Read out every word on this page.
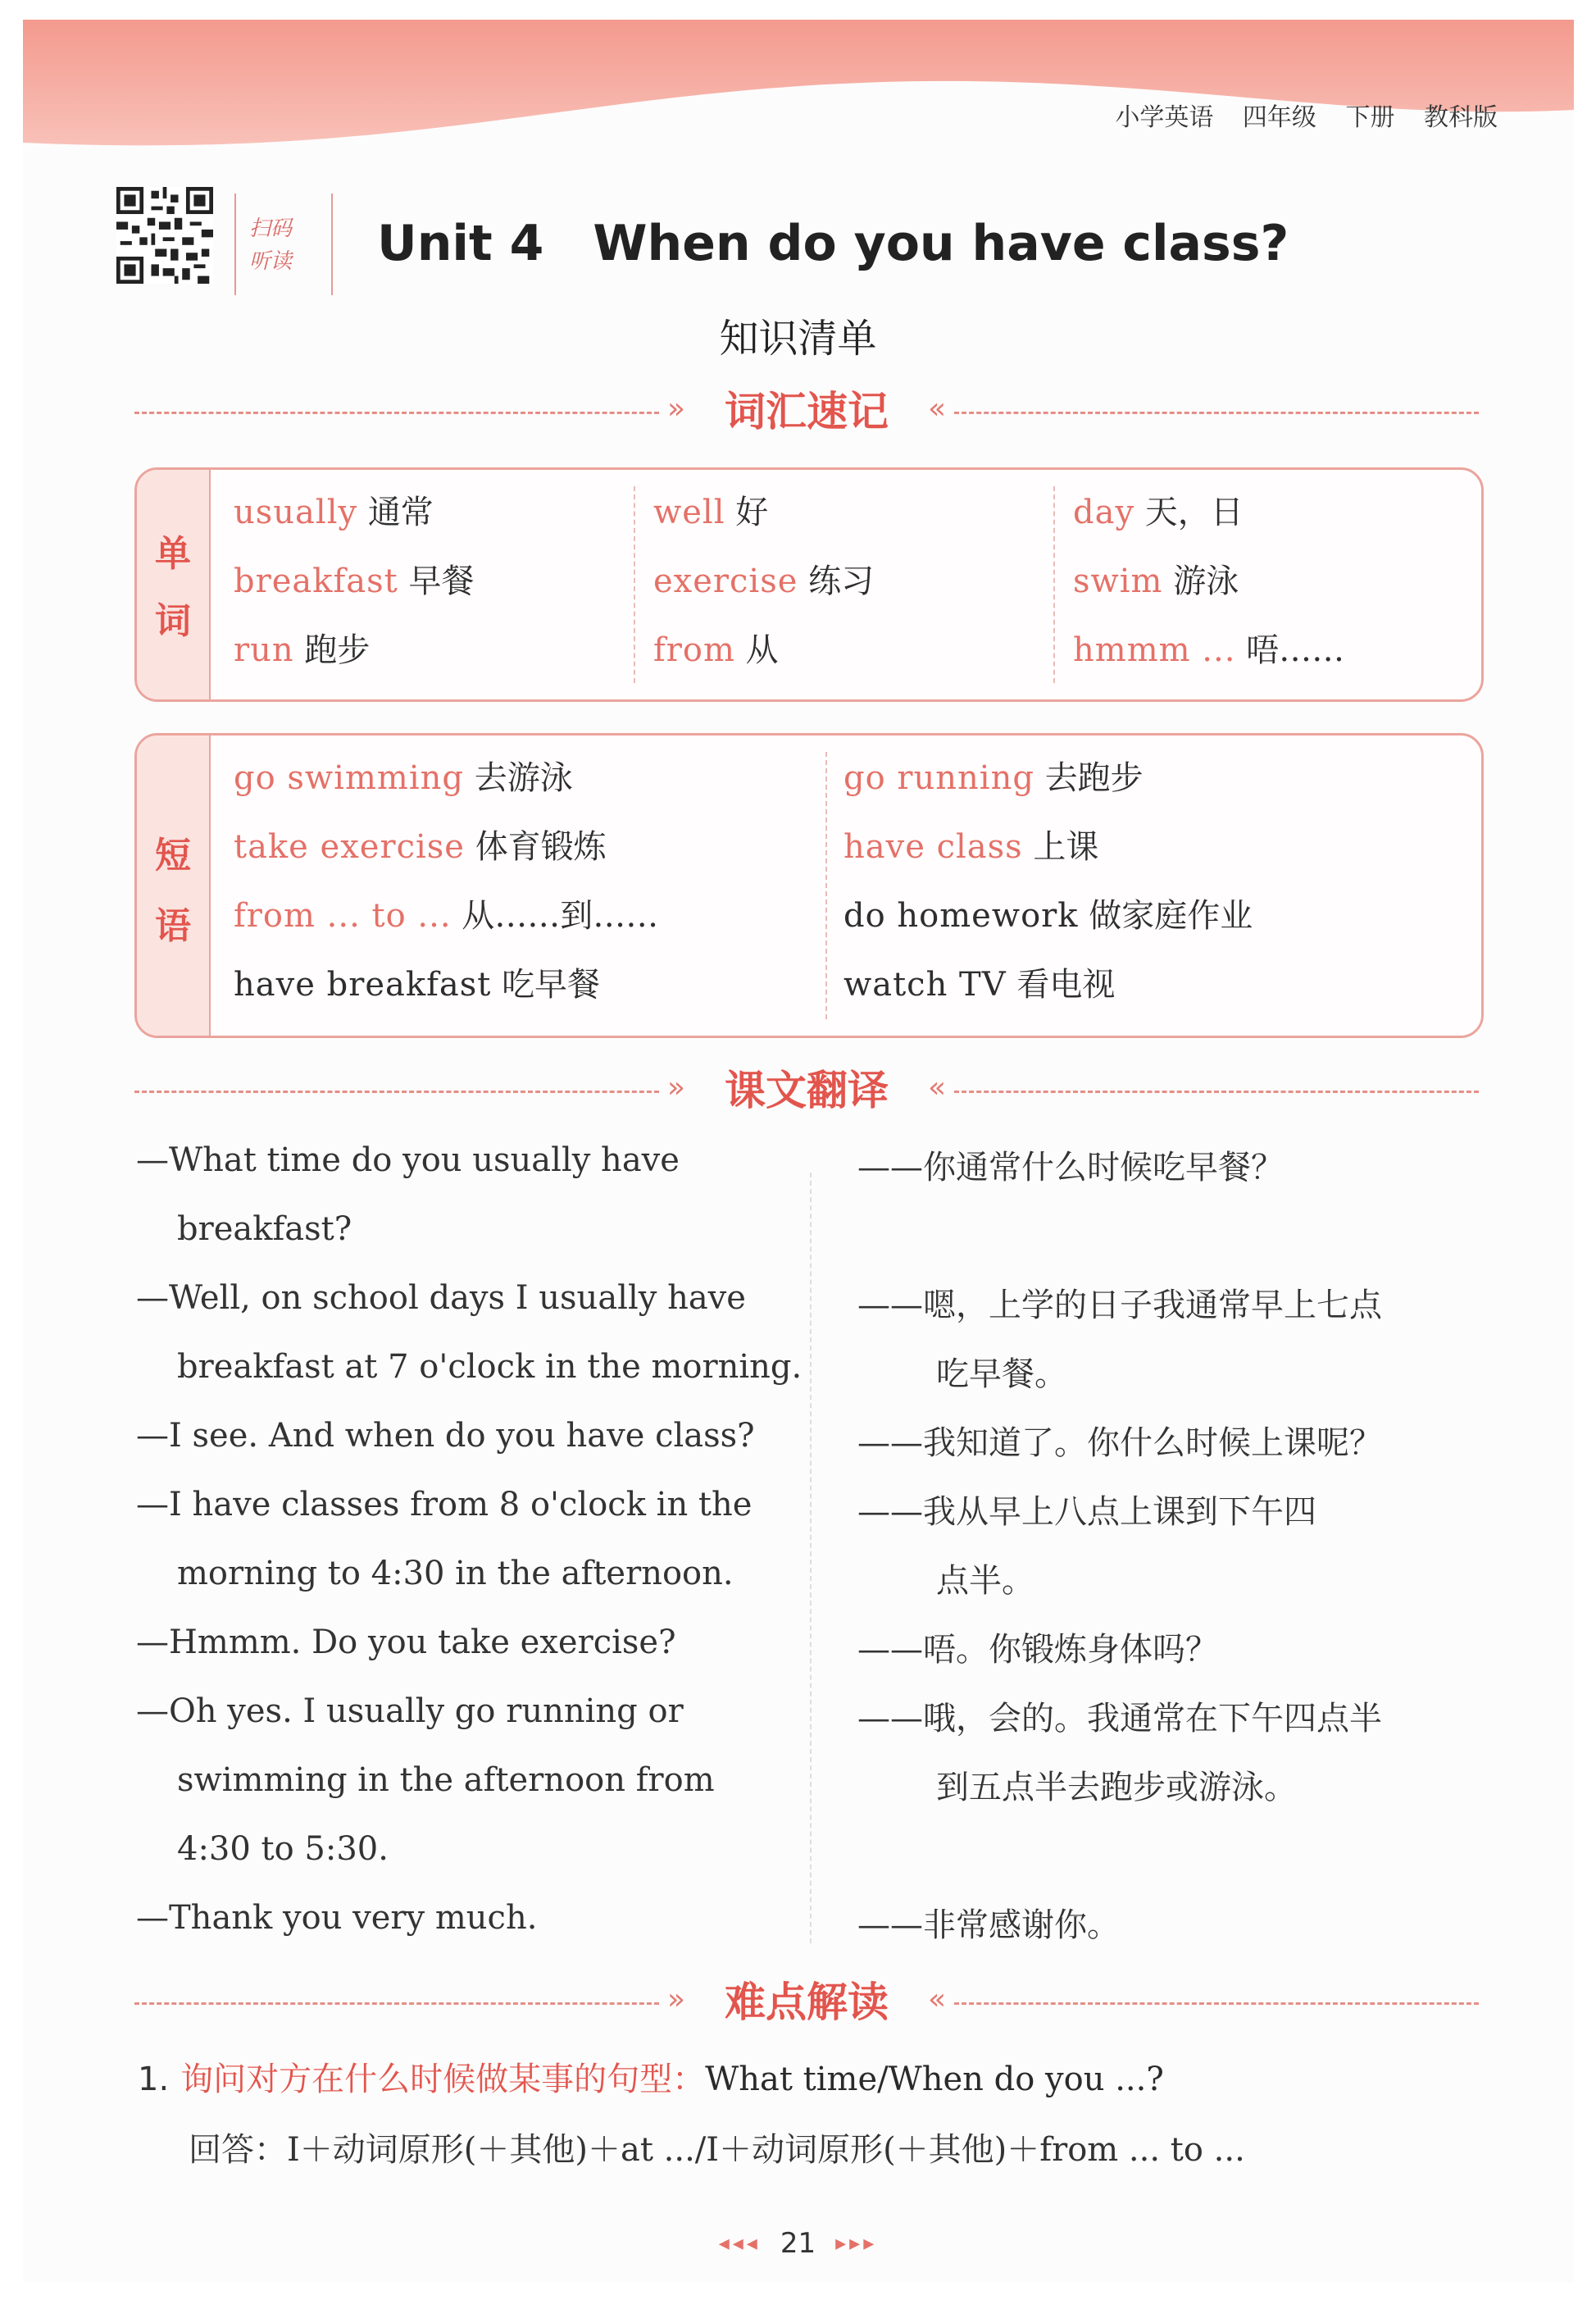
小学英语 四年级 下册 教科版
扫码
听读 Unit 4 When do you have class?
知识清单
»	«
词汇速记
单
词
usually 通常	well 好	day 天，日
breakfast 早餐	exercise 练习	swim 游泳
run 跑步	from 从	hmmm ... 唔……
短
语
go swimming 去游泳	go running 去跑步
take exercise 体育锻炼	have class 上课
from ... to ... 从……到……	do homework 做家庭作业
have breakfast 吃早餐	watch TV 看电视
»	«
课文翻译
—What time do you usually have
breakfast?
—Well, on school days I usually have
breakfast at 7 o'clock in the morning.
—I see. And when do you have class?
—I have classes from 8 o'clock in the
morning to 4:30 in the afternoon.
—Hmmm. Do you take exercise?
—Oh yes. I usually go running or
swimming in the afternoon from
4:30 to 5:30.
—Thank you very much.
——你通常什么时候吃早餐？
——嗯，上学的日子我通常早上七点
吃早餐。
——我知道了。你什么时候上课呢？
——我从早上八点上课到下午四
点半。
——唔。你锻炼身体吗？
——哦，会的。我通常在下午四点半
到五点半去跑步或游泳。
——非常感谢你。
»	«
难点解读
1. 询问对方在什么时候做某事的句型：What time/When do you ...?
回答：I＋动词原形(＋其他)＋at .../I＋动词原形(＋其他)＋from ... to ...
◂◂◂ 21 ▸▸▸
